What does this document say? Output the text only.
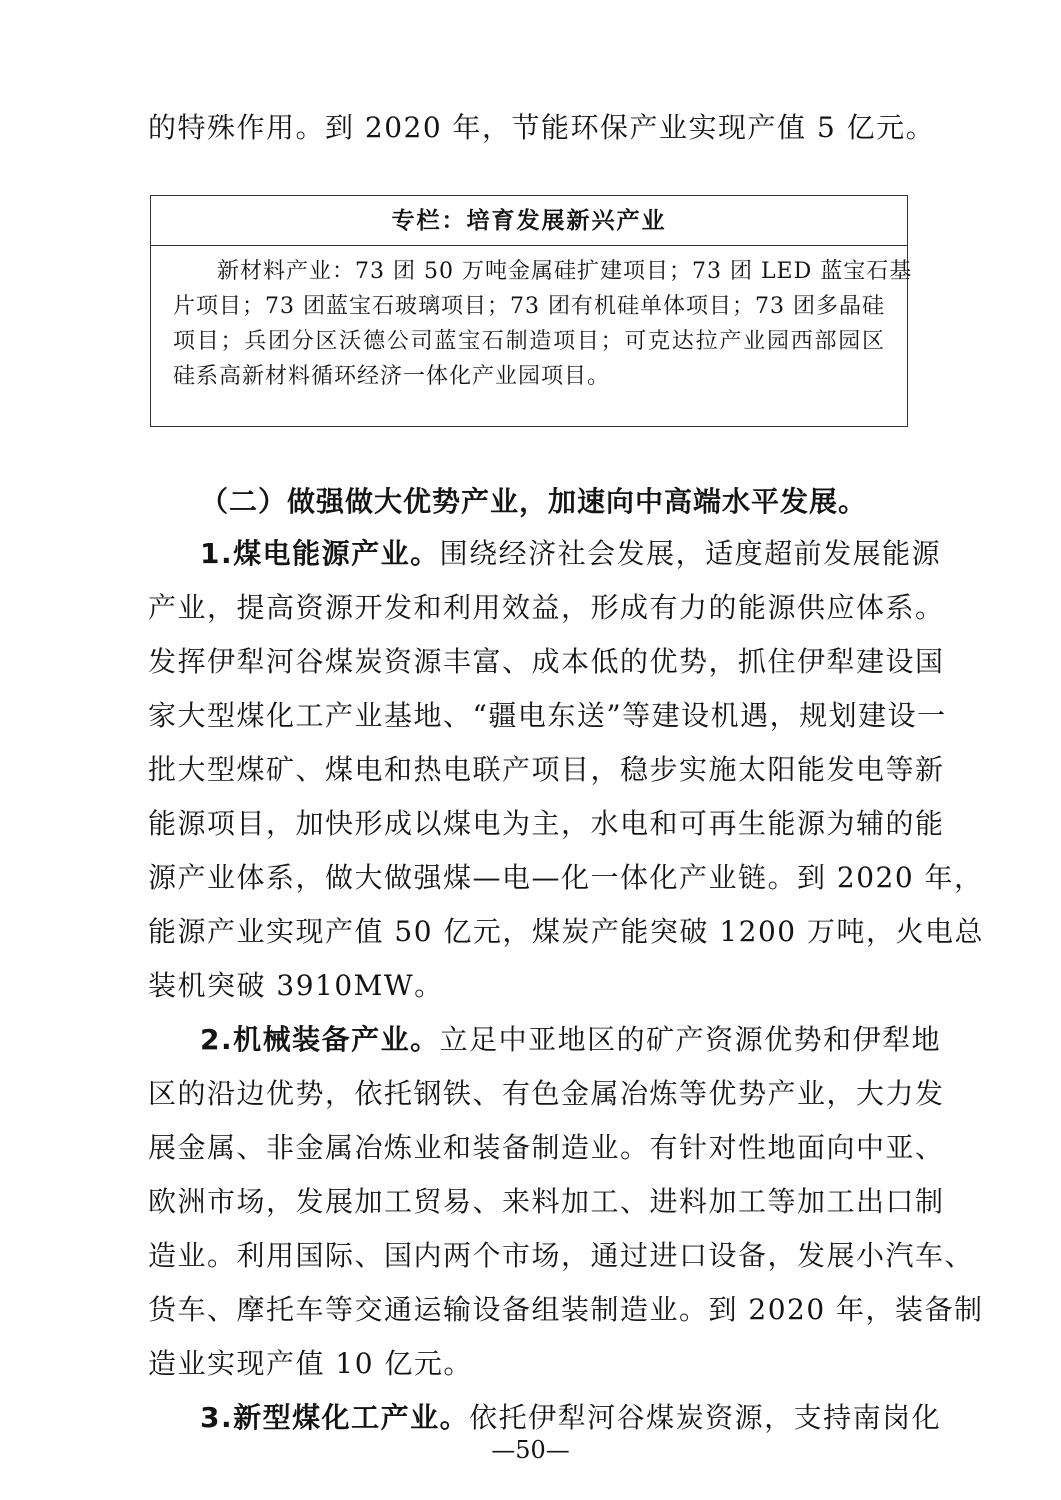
的特殊作用。到 2020 年，节能环保产业实现产值 5 亿元。
专栏：培育发展新兴产业
新材料产业：73 团 50 万吨金属硅扩建项目；73 团 LED 蓝宝石基
片项目；73 团蓝宝石玻璃项目；73 团有机硅单体项目；73 团多晶硅
项目；兵团分区沃德公司蓝宝石制造项目；可克达拉产业园西部园区
硅系高新材料循环经济一体化产业园项目。
（二）做强做大优势产业，加速向中高端水平发展。
1.煤电能源产业。围绕经济社会发展，适度超前发展能源
产业，提高资源开发和利用效益，形成有力的能源供应体系。
发挥伊犁河谷煤炭资源丰富、成本低的优势，抓住伊犁建设国
家大型煤化工产业基地、“疆电东送”等建设机遇，规划建设一
批大型煤矿、煤电和热电联产项目，稳步实施太阳能发电等新
能源项目，加快形成以煤电为主，水电和可再生能源为辅的能
源产业体系，做大做强煤—电—化一体化产业链。到 2020 年，
能源产业实现产值 50 亿元，煤炭产能突破 1200 万吨，火电总
装机突破 3910MW。
2.机械装备产业。立足中亚地区的矿产资源优势和伊犁地
区的沿边优势，依托钢铁、有色金属冶炼等优势产业，大力发
展金属、非金属冶炼业和装备制造业。有针对性地面向中亚、
欧洲市场，发展加工贸易、来料加工、进料加工等加工出口制
造业。利用国际、国内两个市场，通过进口设备，发展小汽车、
货车、摩托车等交通运输设备组装制造业。到 2020 年，装备制
造业实现产值 10 亿元。
3.新型煤化工产业。依托伊犁河谷煤炭资源，支持南岗化
—50—
